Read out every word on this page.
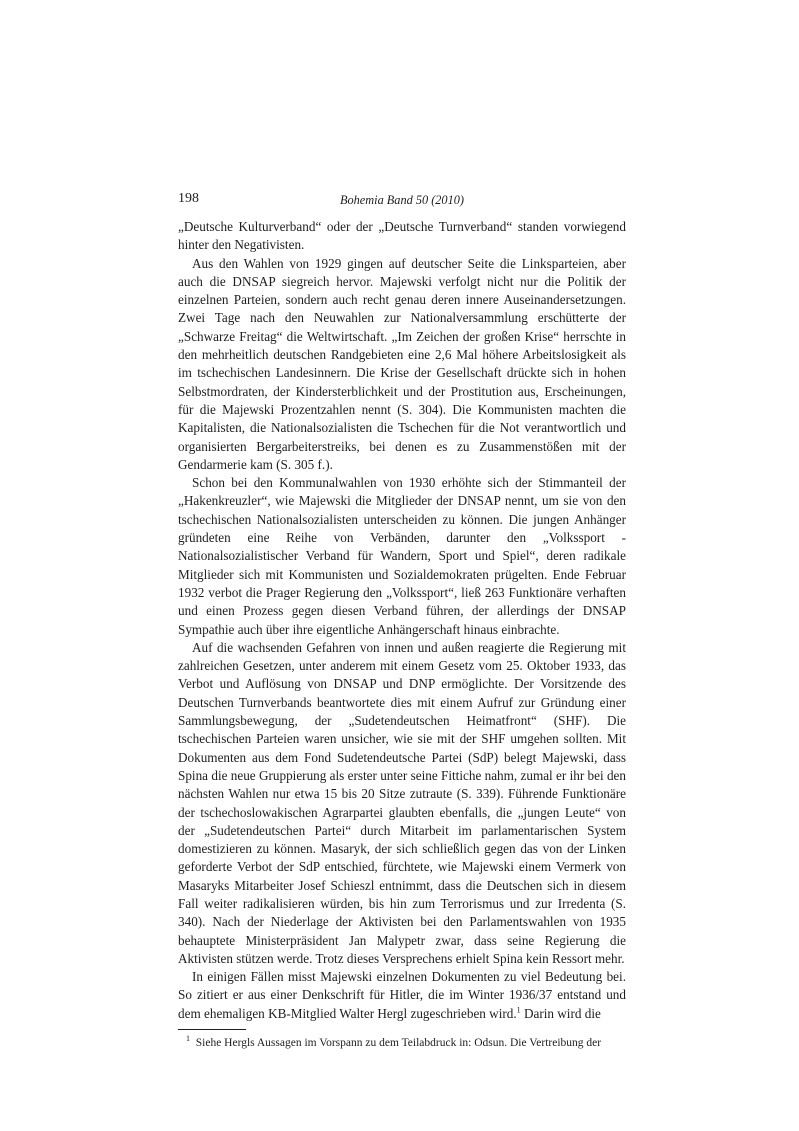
198	Bohemia Band 50 (2010)

„Deutsche Kulturverband“ oder der „Deutsche Turnverband“ standen vorwiegend hinter den Negativisten.

Aus den Wahlen von 1929 gingen auf deutscher Seite die Linksparteien, aber auch die DNSAP siegreich hervor. Majewski verfolgt nicht nur die Politik der einzelnen Parteien, sondern auch recht genau deren innere Auseinandersetzungen. Zwei Tage nach den Neuwahlen zur Nationalversammlung erschütterte der „Schwarze Freitag“ die Weltwirtschaft. „Im Zeichen der großen Krise“ herrschte in den mehrheitlich deutschen Randgebieten eine 2,6 Mal höhere Arbeitslosigkeit als im tschechischen Landesinnern. Die Krise der Gesellschaft drückte sich in hohen Selbstmordraten, der Kindersterblichkeit und der Prostitution aus, Erscheinungen, für die Majewski Prozentzahlen nennt (S. 304). Die Kommunisten machten die Kapitalisten, die Nationalsozialisten die Tschechen für die Not verantwortlich und organisierten Bergarbeiterstreiks, bei denen es zu Zusammenstößen mit der Gendarmerie kam (S. 305 f.).

Schon bei den Kommunalwahlen von 1930 erhöhte sich der Stimmanteil der „Hakenkreuzler“, wie Majewski die Mitglieder der DNSAP nennt, um sie von den tschechischen Nationalsozialisten unterscheiden zu können. Die jungen Anhänger gründeten eine Reihe von Verbänden, darunter den „Volkssport - Nationalsozialistischer Verband für Wandern, Sport und Spiel“, deren radikale Mitglieder sich mit Kommunisten und Sozialdemokraten prügelten. Ende Februar 1932 verbot die Prager Regierung den „Volkssport“, ließ 263 Funktionäre verhaften und einen Prozess gegen diesen Verband führen, der allerdings der DNSAP Sympathie auch über ihre eigentliche Anhängerschaft hinaus einbrachte.

Auf die wachsenden Gefahren von innen und außen reagierte die Regierung mit zahlreichen Gesetzen, unter anderem mit einem Gesetz vom 25. Oktober 1933, das Verbot und Auflösung von DNSAP und DNP ermöglichte. Der Vorsitzende des Deutschen Turnverbands beantwortete dies mit einem Aufruf zur Gründung einer Sammlungsbewegung, der „Sudetendeutschen Heimatfront“ (SHF). Die tschechischen Parteien waren unsicher, wie sie mit der SHF umgehen sollten. Mit Dokumenten aus dem Fond Sudetendeutsche Partei (SdP) belegt Majewski, dass Spina die neue Gruppierung als erster unter seine Fittiche nahm, zumal er ihr bei den nächsten Wahlen nur etwa 15 bis 20 Sitze zutraute (S. 339). Führende Funktionäre der tschechoslowakischen Agrarpartei glaubten ebenfalls, die „jungen Leute“ von der „Sudetendeutschen Partei“ durch Mitarbeit im parlamentarischen System domestizieren zu können. Masaryk, der sich schließlich gegen das von der Linken geforderte Verbot der SdP entschied, fürchtete, wie Majewski einem Vermerk von Masaryks Mitarbeiter Josef Schieszl entnimmt, dass die Deutschen sich in diesem Fall weiter radikalisieren würden, bis hin zum Terrorismus und zur Irredenta (S. 340). Nach der Niederlage der Aktivisten bei den Parlamentswahlen von 1935 behauptete Ministerpräsident Jan Malypetr zwar, dass seine Regierung die Aktivisten stützen werde. Trotz dieses Versprechens erhielt Spina kein Ressort mehr.

In einigen Fällen misst Majewski einzelnen Dokumenten zu viel Bedeutung bei. So zitiert er aus einer Denkschrift für Hitler, die im Winter 1936/37 entstand und dem ehemaligen KB-Mitglied Walter Hergl zugeschrieben wird.$^1$ Darin wird die

$^1$ Siehe Hergls Aussagen im Vorspann zu dem Teilabdruck in: Odsun. Die Vertreibung der
